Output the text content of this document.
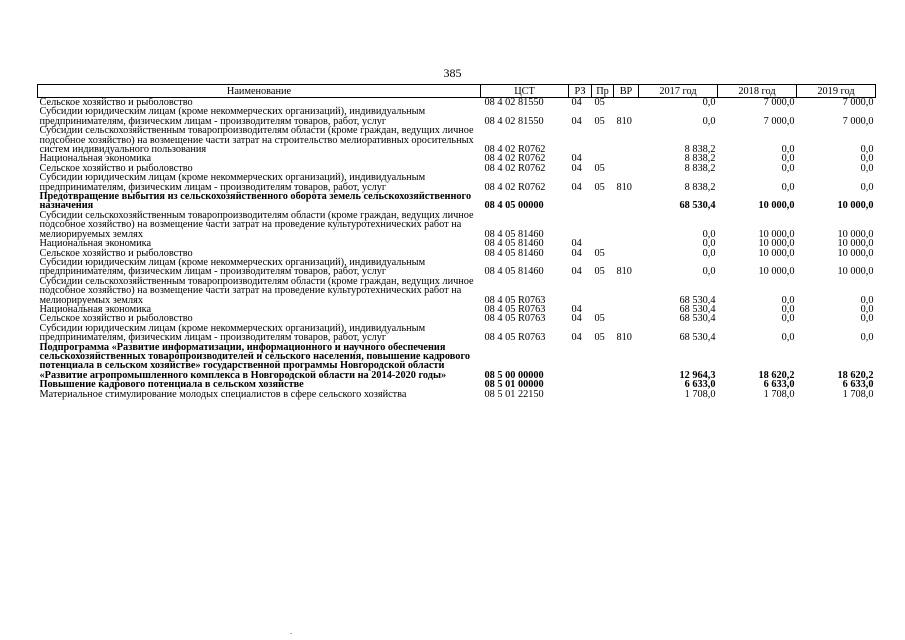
385
Наименование	ЦСТ	РЗ	Пр	ВР	2017 год	2018 год	2019 год
Сельское хозяйство и рыболовство	08 4 02 81550	04	05		0,0	7 000,0	7 000,0
Субсидии юридическим лицам (кроме некоммерческих организаций), индивидуальным предпринимателям, физическим лицам - производителям товаров, работ, услуг	08 4 02 81550	04	05	810	0,0	7 000,0	7 000,0
Субсидии сельскохозяйственным товаропроизводителям области (кроме граждан, ведущих личное подсобное хозяйство) на возмещение части затрат на строительство мелиоративных оросительных систем индивидуального пользования	08 4 02 R0762				8 838,2	0,0	0,0
Национальная экономика	08 4 02 R0762	04			8 838,2	0,0	0,0
Сельское хозяйство и рыболовство	08 4 02 R0762	04	05		8 838,2	0,0	0,0
Субсидии юридическим лицам (кроме некоммерческих организаций), индивидуальным предпринимателям, физическим лицам - производителям товаров, работ, услуг	08 4 02 R0762	04	05	810	8 838,2	0,0	0,0
Предотвращение выбытия из сельскохозяйственного оборота земель сельскохозяйственного назначения	08 4 05 00000				68 530,4	10 000,0	10 000,0
Субсидии сельскохозяйственным товаропроизводителям области (кроме граждан, ведущих личное подсобное хозяйство) на возмещение части затрат на проведение культуротехнических работ на мелиорируемых землях	08 4 05 81460				0,0	10 000,0	10 000,0
Национальная экономика	08 4 05 81460	04			0,0	10 000,0	10 000,0
Сельское хозяйство и рыболовство	08 4 05 81460	04	05		0,0	10 000,0	10 000,0
Субсидии юридическим лицам (кроме некоммерческих организаций), индивидуальным предпринимателям, физическим лицам - производителям товаров, работ, услуг	08 4 05 81460	04	05	810	0,0	10 000,0	10 000,0
Субсидии сельскохозяйственным товаропроизводителям области (кроме граждан, ведущих личное подсобное хозяйство) на возмещение части затрат на проведение культуротехнических работ на мелиорируемых землях	08 4 05 R0763				68 530,4	0,0	0,0
Национальная экономика	08 4 05 R0763	04			68 530,4	0,0	0,0
Сельское хозяйство и рыболовство	08 4 05 R0763	04	05		68 530,4	0,0	0,0
Субсидии юридическим лицам (кроме некоммерческих организаций), индивидуальным предпринимателям, физическим лицам - производителям товаров, работ, услуг	08 4 05 R0763	04	05	810	68 530,4	0,0	0,0
Подпрограмма «Развитие информатизации, информационного и научного обеспечения сельскохозяйственных товаропроизводителей и сельского населения, повышение кадрового потенциала в сельском хозяйстве» государственной программы Новгородской области «Развитие агропромышленного комплекса в Новгородской области на 2014-2020 годы»	08 5 00 00000				12 964,3	18 620,2	18 620,2
Повышение кадрового потенциала в сельском хозяйстве	08 5 01 00000				6 633,0	6 633,0	6 633,0
Материальное стимулирование молодых специалистов в сфере сельского хозяйства	08 5 01 22150				1 708,0	1 708,0	1 708,0
.
